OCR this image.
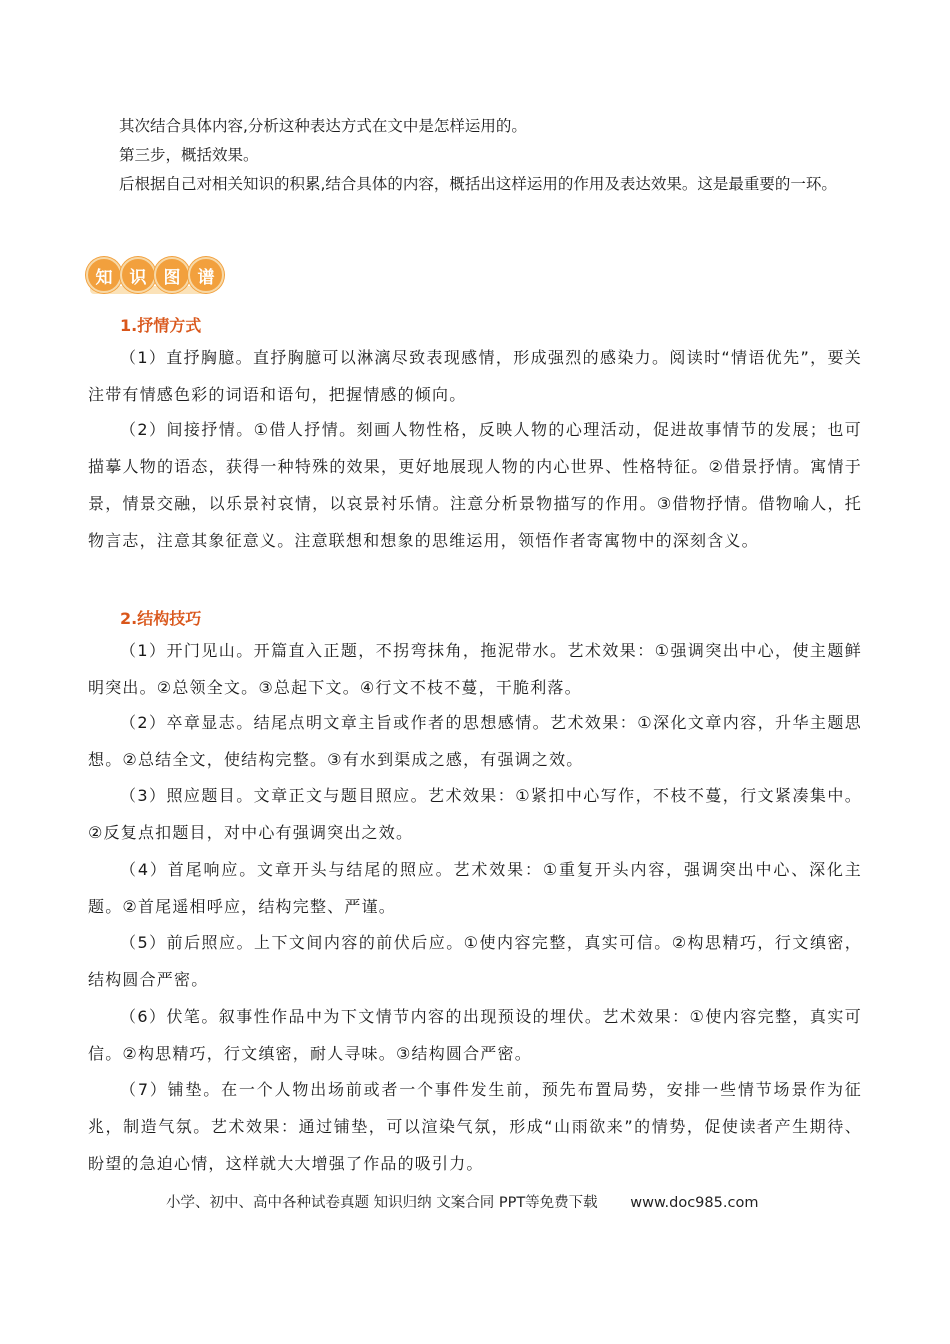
其次结合具体内容,分析这种表达方式在文中是怎样运用的。

第三步，概括效果。

后根据自己对相关知识的积累,结合具体的内容，概括出这样运用的作用及表达效果。这是最重要的一环。

知	识	图	谱
1.抒情方式

（1）直抒胸臆。直抒胸臆可以淋漓尽致表现感情，形成强烈的感染力。阅读时“情语优先”，要关注带有情感色彩的词语和语句，把握情感的倾向。

（2）间接抒情。①借人抒情。刻画人物性格，反映人物的心理活动，促进故事情节的发展；也可描摹人物的语态，获得一种特殊的效果，更好地展现人物的内心世界、性格特征。②借景抒情。寓情于景，情景交融，以乐景衬哀情，以哀景衬乐情。注意分析景物描写的作用。③借物抒情。借物喻人，托物言志，注意其象征意义。注意联想和想象的思维运用，领悟作者寄寓物中的深刻含义。

2.结构技巧

（1）开门见山。开篇直入正题，不拐弯抹角，拖泥带水。艺术效果：①强调突出中心，使主题鲜明突出。②总领全文。③总起下文。④行文不枝不蔓，干脆利落。

（2）卒章显志。结尾点明文章主旨或作者的思想感情。艺术效果：①深化文章内容，升华主题思想。②总结全文，使结构完整。③有水到渠成之感，有强调之效。

（3）照应题目。文章正文与题目照应。艺术效果：①紧扣中心写作，不枝不蔓，行文紧凑集中。②反复点扣题目，对中心有强调突出之效。

（4）首尾响应。文章开头与结尾的照应。艺术效果：①重复开头内容，强调突出中心、深化主题。②首尾遥相呼应，结构完整、严谨。

（5）前后照应。上下文间内容的前伏后应。①使内容完整，真实可信。②构思精巧，行文缜密，结构圆合严密。

（6）伏笔。叙事性作品中为下文情节内容的出现预设的埋伏。艺术效果：①使内容完整，真实可信。②构思精巧，行文缜密，耐人寻味。③结构圆合严密。

（7）铺垫。在一个人物出场前或者一个事件发生前，预先布置局势，安排一些情节场景作为征兆，制造气氛。艺术效果：通过铺垫，可以渲染气氛，形成“山雨欲来”的情势，促使读者产生期待、盼望的急迫心情，这样就大大增强了作品的吸引力。

小学、初中、高中各种试卷真题 知识归纳 文案合同 PPT等免费下载 www.doc985.com
